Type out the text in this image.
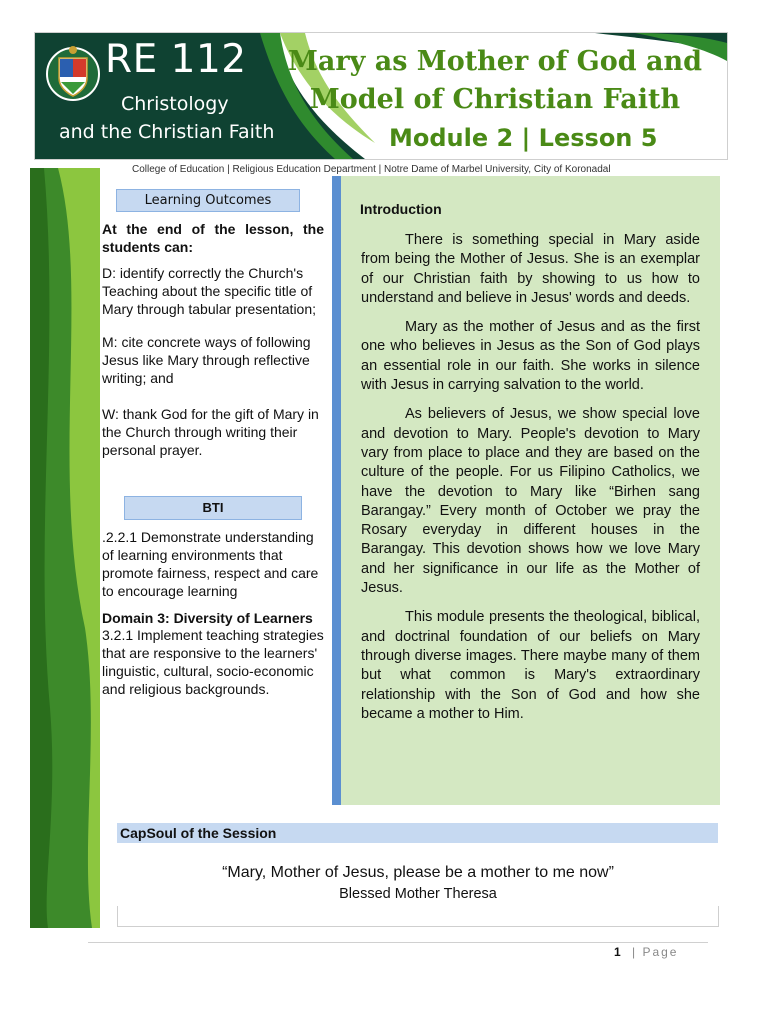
RE 112
Christology
and the Christian Faith
Mary as Mother of God and
Model of Christian Faith
Module 2 | Lesson 5
College of Education | Religious Education Department | Notre Dame of Marbel University, City of Koronadal
Learning Outcomes
At the end of the lesson, the students can:
D: identify correctly the Church's Teaching about the specific title of Mary through tabular presentation;
M: cite concrete ways of following Jesus like Mary through reflective writing; and
W: thank God for the gift of Mary in the Church through writing their personal prayer.
BTI
.2.2.1 Demonstrate understanding of learning environments that promote fairness, respect and care to encourage learning
Domain 3: Diversity of Learners
3.2.1 Implement teaching strategies that are responsive to the learners' linguistic, cultural, socio-economic and religious backgrounds.
Introduction

There is something special in Mary aside from being the Mother of Jesus. She is an exemplar of our Christian faith by showing to us how to understand and believe in Jesus' words and deeds.

Mary as the mother of Jesus and as the first one who believes in Jesus as the Son of God plays an essential role in our faith. She works in silence with Jesus in carrying salvation to the world.

As believers of Jesus, we show special love and devotion to Mary. People's devotion to Mary vary from place to place and they are based on the culture of the people. For us Filipino Catholics, we have the devotion to Mary like “Birhen sang Barangay.” Every month of October we pray the Rosary everyday in different houses in the Barangay. This devotion shows how we love Mary and her significance in our life as the Mother of Jesus.

This module presents the theological, biblical, and doctrinal foundation of our beliefs on Mary through diverse images. There maybe many of them but what common is Mary's extraordinary relationship with the Son of God and how she became a mother to Him.

CapSoul of the Session
“Mary, Mother of Jesus, please be a mother to me now”
Blessed Mother Theresa
1 | Page
